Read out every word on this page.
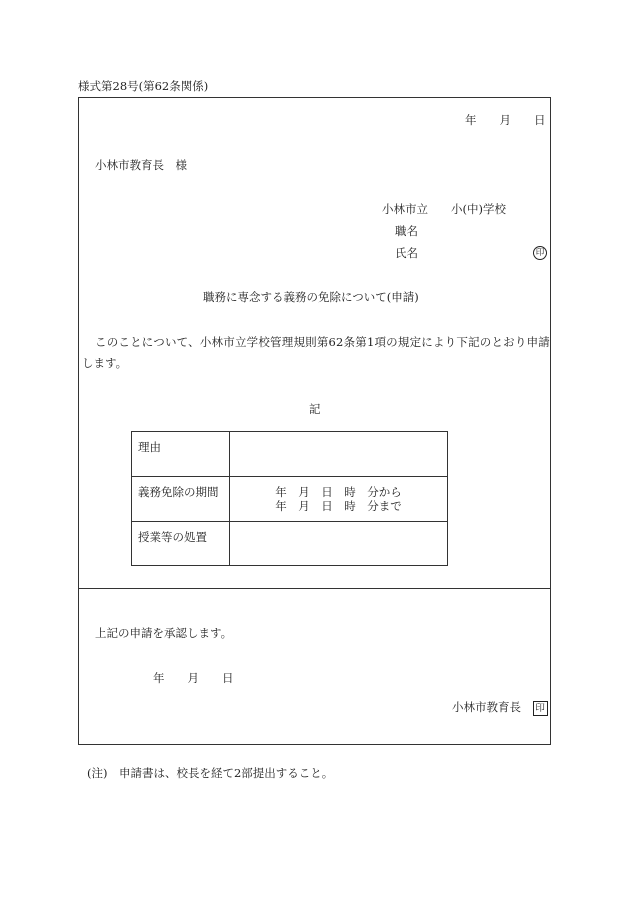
様式第28号(第62条関係)
年　　月　　日
小林市教育長　様
小林市立　　小(中)学校
職名
氏名	印
職務に専念する義務の免除について(申請)
このことについて、小林市立学校管理規則第62条第1項の規定により下記のとおり申請
します。
記
理由	
義務免除の期間	年　月　日　時　分から
年　月　日　時　分まで

授業等の処置	
上記の申請を承認します。
年　　月　　日
小林市教育長 印
(注)　申請書は、校長を経て2部提出すること。
